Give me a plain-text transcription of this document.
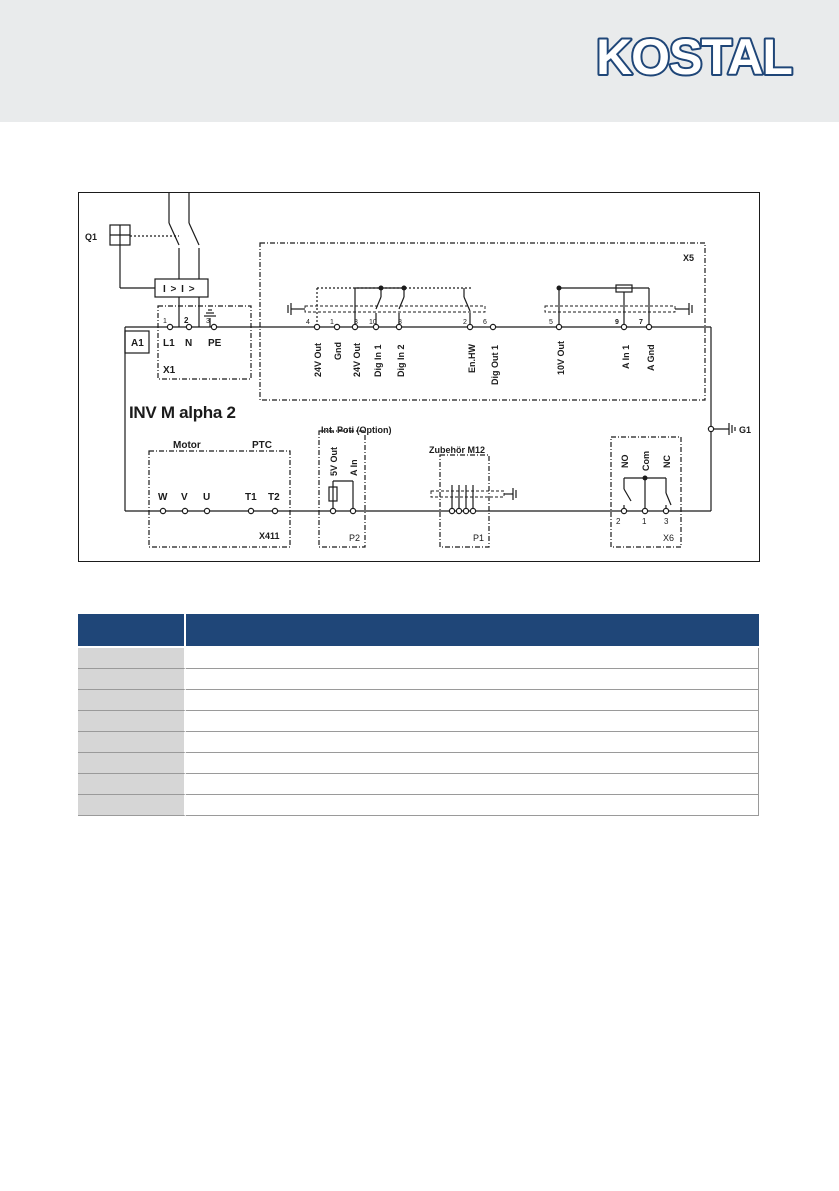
KOSTAL
Q1
I > I >
A1
X1
X5
G1
INV M alpha 2
1
L1
2
N
3
PE
4	1	3 10	8	2 6	5	9	7
24V Out Gnd 24V Out Dig In 1 Dig In 2	En.HW Dig Out 1	10V Out	A In 1 A Gnd
Motor	PTC
W V U	T1 T2
X411
Int. Poti (Option)
5V Out A In
P2
Zubehör M12
P1
NO Com NC
2	1 3
X6
